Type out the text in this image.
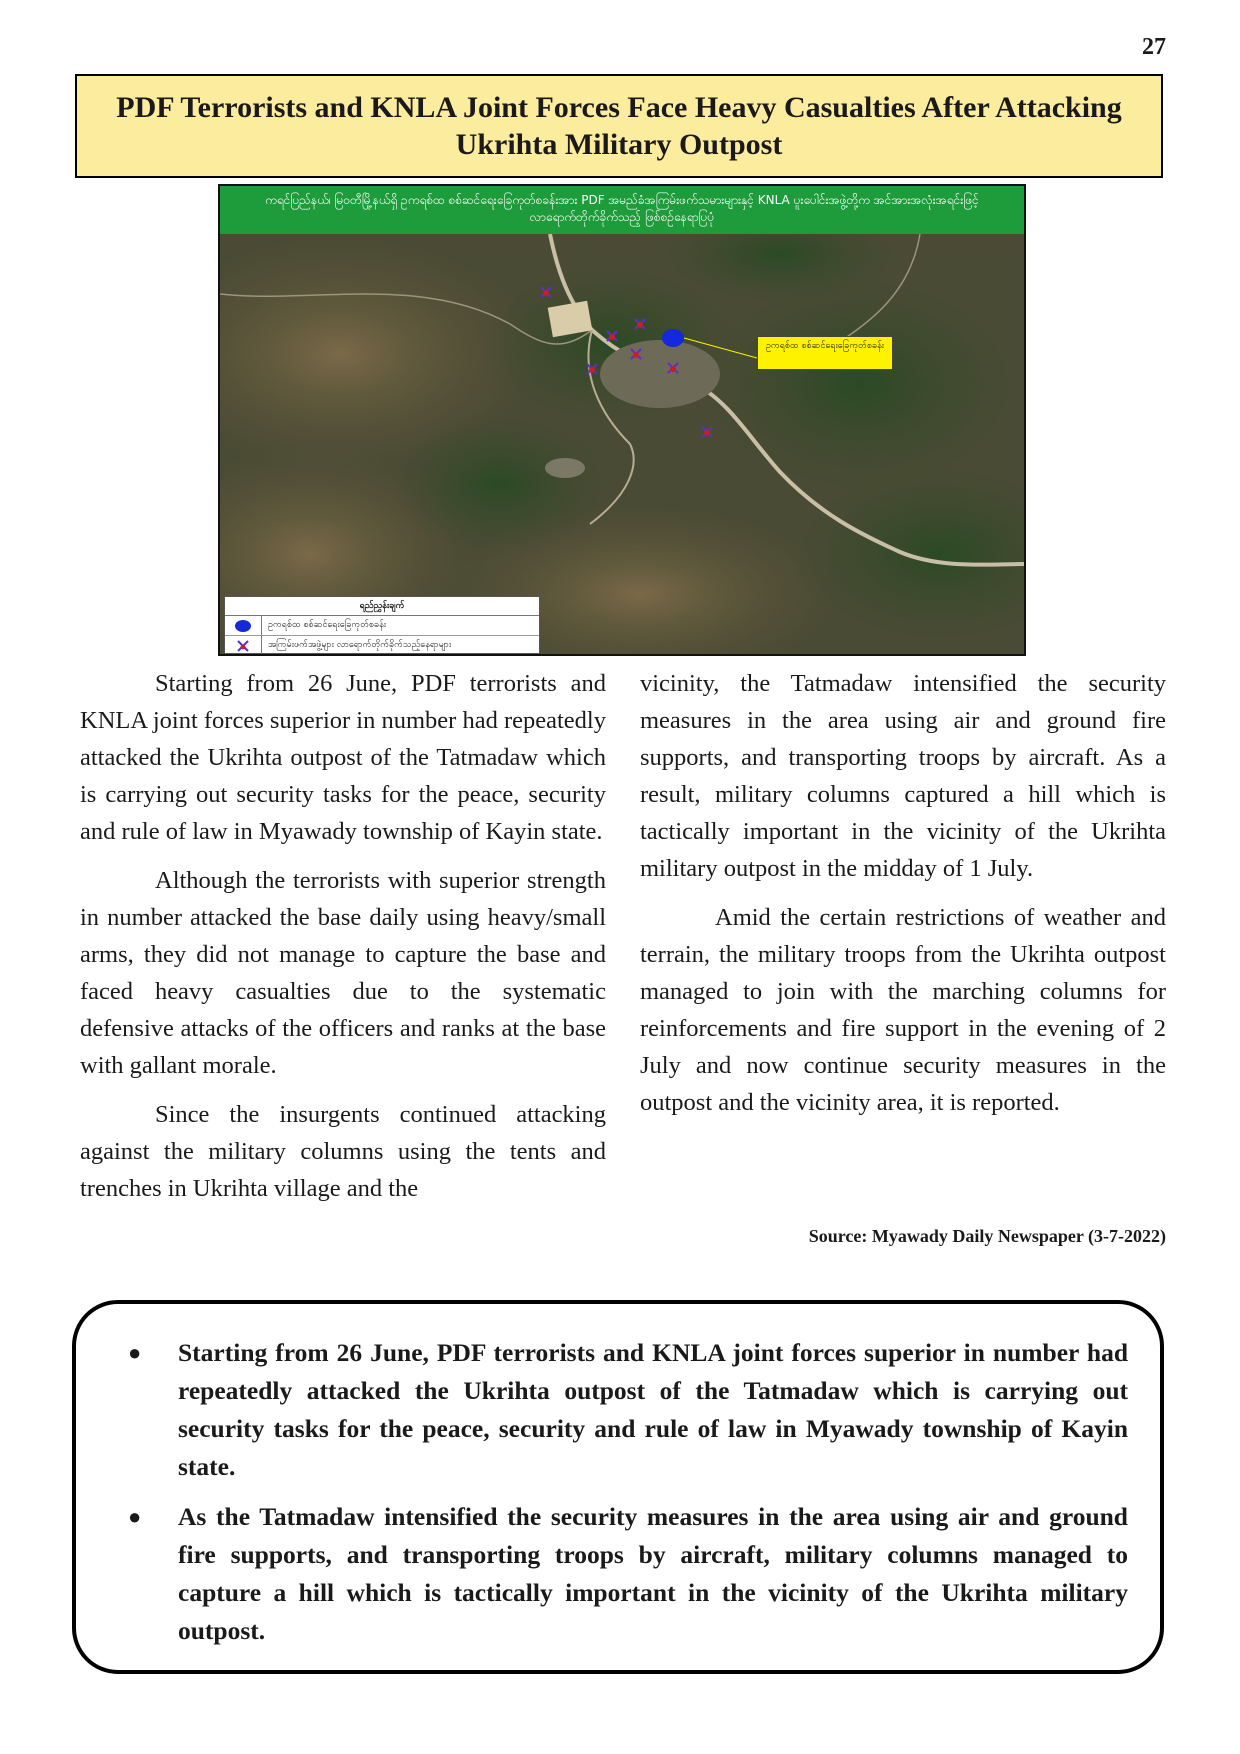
27
PDF Terrorists and KNLA Joint Forces Face Heavy Casualties After Attacking Ukrihta Military Outpost
ကရင်ပြည်နယ်၊ မြဝတီမြို့နယ်ရှိ ဥကရစ်ထ စစ်ဆင်ရေးခြေကုတ်စခန်းအား PDF အမည်ခံအကြမ်းဖက်သမားများနှင့် KNLA ပူးပေါင်းအဖွဲ့တို့က အင်အားအလုံးအရင်းဖြင့် လာရောက်တိုက်ခိုက်သည့် ဖြစ်စဉ်နေရာပြပုံ
ဥကရစ်ထ စစ်ဆင်ရေးခြေကုတ်စခန်း
ရည်ညွှန်းချက်
ဥကရစ်ထ စစ်ဆင်ရေးခြေကုတ်စခန်း
အကြမ်းဖက်အဖွဲ့များ လာရောက်တိုက်ခိုက်သည့်နေရာများ

Starting from 26 June, PDF terrorists and KNLA joint forces superior in number had repeatedly attacked the Ukrihta outpost of the Tatmadaw which is carrying out security tasks for the peace, security and rule of law in Myawady township of Kayin state.

Although the terrorists with superior strength in number attacked the base daily using heavy/small arms, they did not manage to capture the base and faced heavy casualties due to the systematic defensive attacks of the officers and ranks at the base with gallant morale.

Since the insurgents continued attacking against the military columns using the tents and trenches in Ukrihta village and the

vicinity, the Tatmadaw intensified the security measures in the area using air and ground fire supports, and transporting troops by aircraft. As a result, military columns captured a hill which is tactically important in the vicinity of the Ukrihta military outpost in the midday of 1 July.

Amid the certain restrictions of weather and terrain, the military troops from the Ukrihta outpost managed to join with the marching columns for reinforcements and fire support in the evening of 2 July and now continue security measures in the outpost and the vicinity area, it is reported.

Source: Myawady Daily Newspaper (3-7-2022)
● Starting from 26 June, PDF terrorists and KNLA joint forces superior in number had repeatedly attacked the Ukrihta outpost of the Tatmadaw which is carrying out security tasks for the peace, security and rule of law in Myawady township of Kayin state.
● As the Tatmadaw intensified the security measures in the area using air and ground fire supports, and transporting troops by aircraft, military columns managed to capture a hill which is tactically important in the vicinity of the Ukrihta military outpost.
